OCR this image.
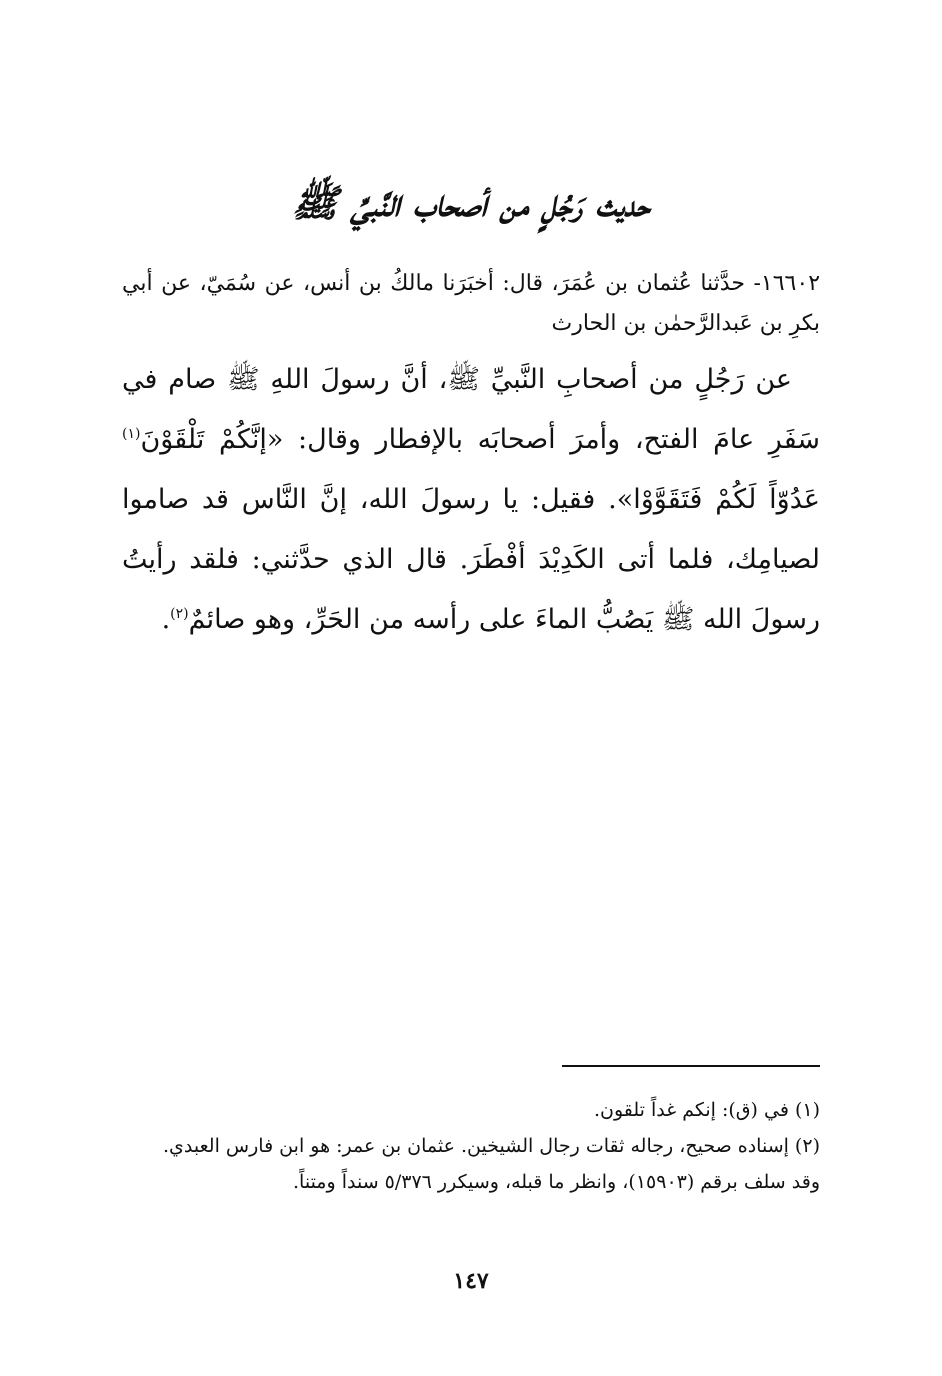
حديث رَجُلٍ من أصحاب النَّبيِّ ﷺ
١٦٦٠٢- حدَّثنا عُثمان بن عُمَرَ، قال: أخبَرَنا مالكُ بن أنس، عن سُمَيّ، عن أبي بكرِ بن عَبدالرَّحمٰن بن الحارث
عن رَجُلٍ من أصحابِ النَّبيِّ ﷺ، أنَّ رسولَ اللهِ ﷺ صام في سَفَرِ عامَ الفتح، وأمرَ أصحابَه بالإفطار وقال: «إنَّكُمْ تَلْقَوْنَ$^{(١)}$ عَدُوّاً لَكُمْ فَتَقَوَّوْا». فقيل: يا رسولَ الله، إنَّ النَّاس قد صاموا لصيامِك، فلما أتى الكَدِيْدَ أفْطَرَ. قال الذي حدَّثني: فلقد رأيتُ رسولَ الله ﷺ يَصُبُّ الماءَ على رأسه من الحَرِّ، وهو صائمٌ$^{(٢)}$.

(١) في (ق): إنكم غداً تلقون.

(٢) إسناده صحيح، رجاله ثقات رجال الشيخين. عثمان بن عمر: هو ابن فارس العبدي.

وقد سلف برقم (١٥٩٠٣)، وانظر ما قبله، وسيكرر ٥/٣٧٦ سنداً ومتناً.

١٤٧
